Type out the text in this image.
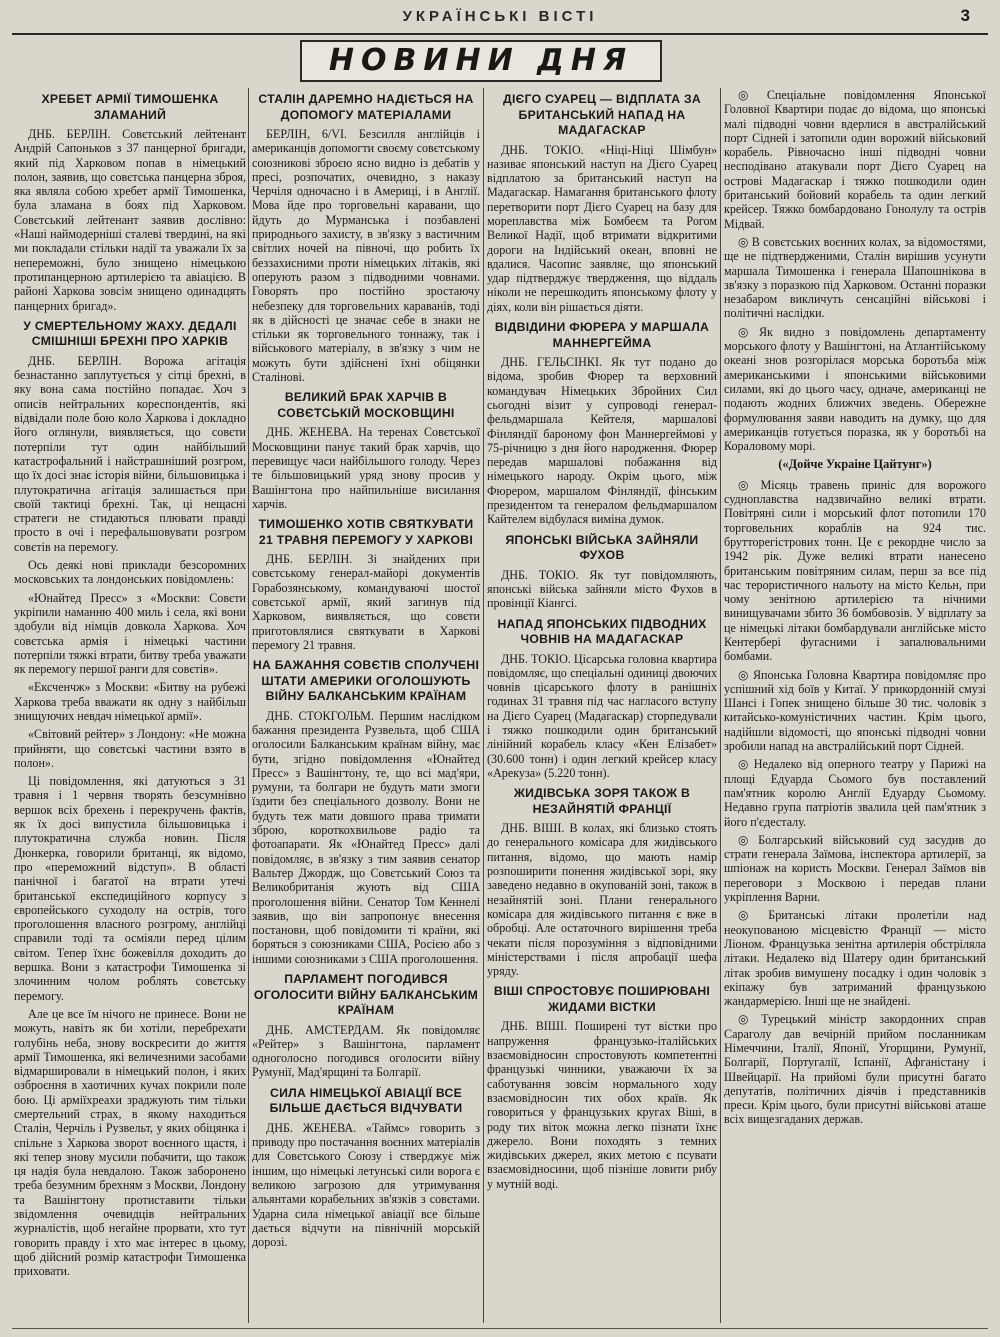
УКРАЇНСЬКІ ВІСТІ	3
НОВИНИ ДНЯ
ХРЕБЕТ АРМІЇ ТИМОШЕНКА ЗЛАМАНИЙ

ДНБ. БЕРЛІН. Совєтський лейтенант Андрій Сапоньков з 37 панцерної бригади, який під Харковом попав в німецький полон, заявив, що совєтська панцерна зброя, яка являла собою хребет армії Тимошенка, була зламана в боях під Харковом. Совєтський лейтенант заявив дослівно: «Наші наймодерніші сталеві твердині, на які ми покладали стільки надії та уважали їх за непереможні, було знищено німецькою протипанцерною артилерією та авіацією. В районі Харкова зовсім знищено одинадцять панцерних бригад».

У СМЕРТЕЛЬНОМУ ЖАХУ. ДЕДАЛІ СМІШНІШІ БРЕХНІ ПРО ХАРКІВ

ДНБ. БЕРЛІН. Ворожа агітація безнастанно заплутується у сітці брехні, в яку вона сама постійно попадає. Хоч з описів нейтральних кореспондентів, які відвідали поле бою коло Харкова і докладно його оглянули, виявляється, що совєти потерпіли тут один найбільший катастрофальний і найстрашніший розгром, що їх досі знає історія війни, більшовицька і плутократична агітація залишається при своїй тактиці брехні. Так, ці нещасні стратеги не стидаються плювати правді просто в очі і перефальшовувати розгром совєтів на перемогу.

Ось деякі нові приклади безсоромних московських та лондонських повідомлень:

«Юнайтед Пресс» з «Москви: Совєти укріпили наманню 400 миль і села, які вони здобули від німців довкола Харкова. Хоч совєтська армія і німецькі частини потерпіли тяжкі втрати, битву треба уважати як перемогу першої ранги для совєтів».

«Ексченчж» з Москви: «Битву на рубежі Харкова треба вважати як одну з найбільш знищуючих невдач німецької армії».

«Світовий рейтер» з Лондону: «Не можна прийняти, що совєтські частини взято в полон».

Ці повідомлення, які датуються з 31 травня і 1 червня творять безсумнівно вершок всіх брехень і перекручень фактів, як їх досі випустила більшовицька і плутократична служба новин. Після Дюнкерка, говорили британці, як відомо, про «переможний відступ». В області панічної і багатої на втрати утечі британської експедиційного корпусу з європейського суходолу на острів, того проголошення власного розгрому, англійці справили тоді та осміяли перед цілим світом. Тепер їхнє божевілля доходить до вершка. Вони з катастрофи Тимошенка зі злочинним чолом роблять совєтську перемогу.

Але це все їм нічого не принесе. Вони не можуть, навіть як би хотіли, перебрехати голубінь неба, знову воскресити до життя армії Тимошенка, які величезними засобами відмаршировали в німецький полон, і яких озброєння в хаотичних кучах покрили поле бою. Ці арміїхреахи зраджують тим тільки смертельний страх, в якому находиться Сталін, Черчіль і Рузвельт, у яких обіцянка і спільне з Харкова зворот воєнного щастя, і які тепер знову мусили побачити, що також ця надія була невдалою. Також заборонено треба безумним брехням з Москви, Лондону та Вашінгтону протиставити тільки звідомлення очевидців нейтральних журналістів, щоб негайне прорвати, хто тут говорить правду і хто має інтерес в цьому, щоб дійсний розмір катастрофи Тимошенка приховати.

СТАЛІН ДАРЕМНО НАДІЄТЬСЯ НА ДОПОМОГУ МАТЕРІАЛАМИ

БЕРЛІН, 6/VI. Безсилля англійців і американців допомогти своєму совєтському союзникові зброєю ясно видно із дебатів у пресі, розпочатих, очевидно, з наказу Черчіля одночасно і в Америці, і в Англії. Мова йде про торговельні каравани, що йдуть до Мурманська і позбавлені природнього захисту, в зв'язку з вастичним світлих ночей на півночі, що робить їх беззахисними проти німецьких літаків, які оперують разом з підводними човнами. Говорять про постійно зростаючу небезпеку для торговельних караванів, тоді як в дійсності це значає себе в знаки не стільки як торговельного тоннажу, так і військового матеріалу, в зв'язку з чим не можуть бути здійснені їхні обіцянки Сталінові.

ВЕЛИКИЙ БРАК ХАРЧІВ В СОВЄТСЬКІЙ МОСКОВЩИНІ

ДНБ. ЖЕНЕВА. На теренах Совєтської Московщини панує такий брак харчів, що перевищує часи найбільшого голоду. Через те більшовицький уряд знову просив у Вашінгтона про найпильніше висилання харчів.

ТИМОШЕНКО ХОТІВ СВЯТКУВАТИ 21 ТРАВНЯ ПЕРЕМОГУ У ХАРКОВІ

ДНБ. БЕРЛІН. Зі знайдених при совєтському генерал-майорі документів Горабозянському, командуваючі шостої совєтської армії, який загинув під Харковом, виявляється, що совєти приготовлялися святкувати в Харкові перемогу 21 травня.

НА БАЖАННЯ СОВЄТІВ СПОЛУЧЕНІ ШТАТИ АМЕРИКИ ОГОЛОШУЮТЬ ВІЙНУ БАЛКАНСЬКИМ КРАЇНАМ

ДНБ. СТОКГОЛЬМ. Першим наслідком бажання президента Рузвельта, щоб США оголосили Балканським країнам війну, має бути, згідно повідомлення «Юнайтед Пресс» з Вашінгтону, те, що всі мад'яри, румуни, та болгари не будуть мати змоги їздити без спеціального дозволу. Вони не будуть теж мати довшого права тримати зброю, короткохвильове радіо та фотоапарати. Як «Юнайтед Пресс» далі повідомляє, в зв'язку з тим заявив сенатор Вальтер Джордж, що Совєтський Союз та Великобританія жують від США проголошення війни. Сенатор Том Кеннелі заявив, що він запропонує внесення постанови, щоб повідомити ті країни, які боряться з союзниками США, Росією або з іншими союзниками з США проголошення.

ПАРЛАМЕНТ ПОГОДИВСЯ ОГОЛОСИТИ ВІЙНУ БАЛКАНСЬКИМ КРАЇНАМ

ДНБ. АМСТЕРДАМ. Як повідомляє «Рейтер» з Вашінгтона, парламент одноголосно погодився оголосити війну Румунії, Мад'ярщині та Болгарії.

СИЛА НІМЕЦЬКОЇ АВІАЦІЇ ВСЕ БІЛЬШЕ ДАЄТЬСЯ ВІДЧУВАТИ

ДНБ. ЖЕНЕВА. «Таймс» говорить з приводу про постачання воєнних матеріалів для Совєтського Союзу і стверджує між іншим, що німецькі летунські сили ворога є великою загрозою для утримування альянтами корабельних зв'язків з совєтами. Ударна сила німецької авіації все більше дається відчути на північній морській дорозі.

ДІЄГО СУАРЕЦ — ВІДПЛАТА ЗА БРИТАНСЬКИЙ НАПАД НА МАДАГАСКАР

ДНБ. ТОКІО. «Ніці-Ніці Шімбун» називає японський наступ на Дієго Суарец відплатою за британський наступ на Мадагаскар. Намагання британського флоту перетворити порт Дієго Суарец на базу для мореплавства між Бомбеєм та Рогом Великої Надії, щоб втримати відкритими дороги на Індійський океан, вповні не вдалися. Часопис заявляє, що японський удар підтверджує твердження, що віддаль ніколи не перешкодить японському флоту у діях, коли він рішається діяти.

ВІДВІДИНИ ФЮРЕРА У МАРШАЛА МАННЕРГЕЙМА

ДНБ. ГЕЛЬСІНКІ. Як тут подано до відома, зробив Фюрер та верховний командувач Німецьких Збройних Сил сьогодні візит у супроводі генерал-фельдмаршала Кейтеля, маршалові Фінляндії бароному фон Маннергеймові у 75-річницю з дня його народження. Фюрер передав маршалові побажання від німецького народу. Окрім цього, між Фюрером, маршалом Фінляндії, фінським президентом та генералом фельдмаршалом Кайтелем відбулася виміна думок.

ЯПОНСЬКІ ВІЙСЬКА ЗАЙНЯЛИ ФУХОВ

ДНБ. ТОКІО. Як тут повідомляють, японські війська зайняли місто Фухов в провінції Кіангсі.

НАПАД ЯПОНСЬКИХ ПІДВОДНИХ ЧОВНІВ НА МАДАГАСКАР

ДНБ. ТОКІО. Цісарська головна квартира повідомляє, що спеціальні одиниці двоючих човнів цісарського флоту в ранішніх годинах 31 травня під час нагласого вступу на Дієго Суарец (Мадагаскар) сторпедували і тяжко пошкодили один британський лінійний корабель класу «Кен Елізабет» (30.600 тонн) і один легкий крейсер класу «Арекуза» (5.220 тонн).

ЖИДІВСЬКА ЗОРЯ ТАКОЖ В НЕЗАЙНЯТІЙ ФРАНЦІЇ

ДНБ. ВІШІ. В колах, які близько стоять до генерального комісара для жидівського питання, відомо, що мають намір розпоширити понення жидівської зорі, яку заведено недавно в окупованій зоні, також в незайнятій зоні. Плани генерального комісара для жидівського питання є вже в обробці. Але остаточного вирішення треба чекати після порозуміння з відповідними міністерствами і після апробації шефа уряду.

ВІШІ СПРОСТОВУЄ ПОШИРЮВАНІ ЖИДАМИ ВІСТКИ

ДНБ. ВІШІ. Поширені тут вістки про напруження французько-італійських взаємовідносин спростовують компетентні французькі чинники, уважаючи їх за саботування зовсім нормального ходу взаємовідносин тих обох країв. Як говориться у французьких кругах Віші, в роду тих віток можна легко пізнати їхнє джерело. Вони походять з темних жидівських джерел, яких метою є псувати взаємовідносини, щоб пізніше ловити рибу у мутній воді.

◎ Спеціальне повідомлення Японської Головної Квартири подає до відома, що японські малі підводні човни вдерлися в австралійський порт Сідней і затопили один ворожий військовий корабель. Рівночасно інші підводні човни несподівано атакували порт Дієго Суарец на острові Мадагаскар і тяжко пошкодили один британський бойовий корабель та один легкий крейсер. Тяжко бомбардовано Гонолулу та острів Мідвай.

◎ В совєтських воєнних колах, за відомостями, ще не підтвердженими, Сталін вирішив усунути маршала Тимошенка і генерала Шапошнікова в зв'язку з поразкою під Харковом. Останні поразки незабаром викличуть сенсаційні військові і політичні наслідки.

◎ Як видно з повідомлень департаменту морського флоту у Вашінгтоні, на Атлантійському океані знов розгорілася морська боротьба між американськими і японськими військовими силами, які до цього часу, одначе, американці не подають жодних ближчих зведень. Обережне формулювання заяви наводить на думку, що для американців готується поразка, як у боротьбі на Кораловому морі.

(«Дойче Украіне Цайтунг»)

◎ Місяць травень приніс для ворожого судноплавства надзвичайно великі втрати. Повітряні сили і морський флот потопили 170 торговельних кораблів на 924 тис. брутторегістрових тонн. Це є рекордне число за 1942 рік. Дуже великі втрати нанесено британським повітряним силам, перш за все під час терористичного нальоту на місто Кельн, при чому зенітною артилерією та нічними винищувачами збито 36 бомбовозів. У відплату за це німецькі літаки бомбардували англійське місто Кентербері фугасними і запалювальними бомбами.

◎ Японська Головна Квартира повідомляє про успішний хід боїв у Китаї. У прикордонній смузі Шансі і Гопек знищено більше 30 тис. чоловік з китайсько-комуністичних частин. Крім цього, надійшли відомості, що японські підводні човни зробили напад на австралійський порт Сідней.

◎ Недалеко від оперного театру у Парижі на площі Едуарда Сьомого був поставлений пам'ятник королю Англії Едуарду Сьомому. Недавно група патріотів звалила цей пам'ятник з його п'єдесталу.

◎ Болгарський військовий суд засудив до страти генерала Заїмова, інспектора артилерії, за шпіонаж на користь Москви. Генерал Заїмов вів переговори з Москвою і передав плани укріплення Варни.

◎ Британські літаки пролетіли над неокупованою місцевістю Франції — місто Ліоном. Французька зенітна артилерія обстріляла літаки. Недалеко від Шатеру один британський літак зробив вимушену посадку і один чоловік з екіпажу був затриманий французькою жандармерією. Інші ще не знайдені.

◎ Турецький міністр закордонних справ Сараголу дав вечірній прийом посланникам Німеччини, Італії, Японії, Угорщини, Румунії, Болгарії, Португалії, Іспанії, Афганістану і Швейцарії. На прийомі були присутні багато депутатів, політичних діячів і представників преси. Крім цього, були присутні військові аташе всіх вищезгаданих держав.
